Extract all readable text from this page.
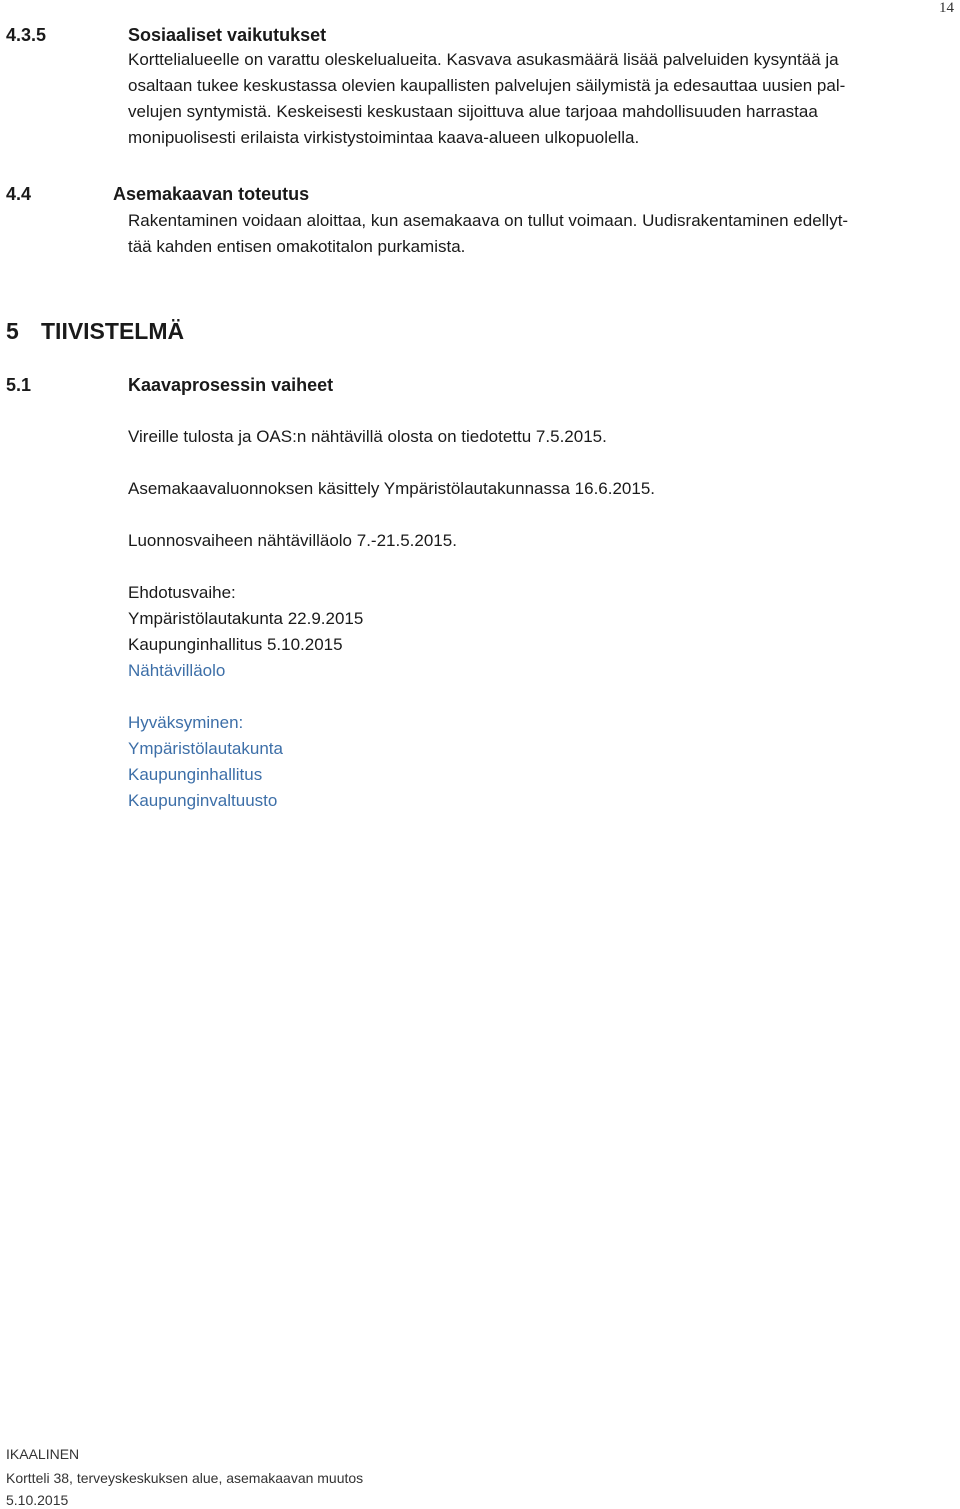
14
4.3.5	Sosiaaliset vaikutukset
Korttelialueelle on varattu oleskelualueita. Kasvava asukasmäärä lisää palveluiden kysyntää ja
osaltaan tukee keskustassa olevien kaupallisten palvelujen säilymistä ja edesauttaa uusien pal-
velujen syntymistä. Keskeisesti keskustaan sijoittuva alue tarjoaa mahdollisuuden harrastaa
monipuolisesti erilaista virkistystoimintaa kaava-alueen ulkopuolella.
4.4	Asemakaavan toteutus
Rakentaminen voidaan aloittaa, kun asemakaava on tullut voimaan. Uudisrakentaminen edellyt-
tää kahden entisen omakotitalon purkamista.
5 TIIVISTELMÄ
5.1	Kaavaprosessin vaiheet
Vireille tulosta ja OAS:n nähtävillä olosta on tiedotettu 7.5.2015.
Asemakaavaluonnoksen käsittely Ympäristölautakunnassa 16.6.2015.
Luonnosvaiheen nähtävilläolo 7.-21.5.2015.
Ehdotusvaihe:
Ympäristölautakunta 22.9.2015
Kaupunginhallitus 5.10.2015
Nähtävilläolo
Hyväksyminen:
Ympäristölautakunta
Kaupunginhallitus
Kaupunginvaltuusto
IKAALINEN
Kortteli 38, terveyskeskuksen alue, asemakaavan muutos
5.10.2015
